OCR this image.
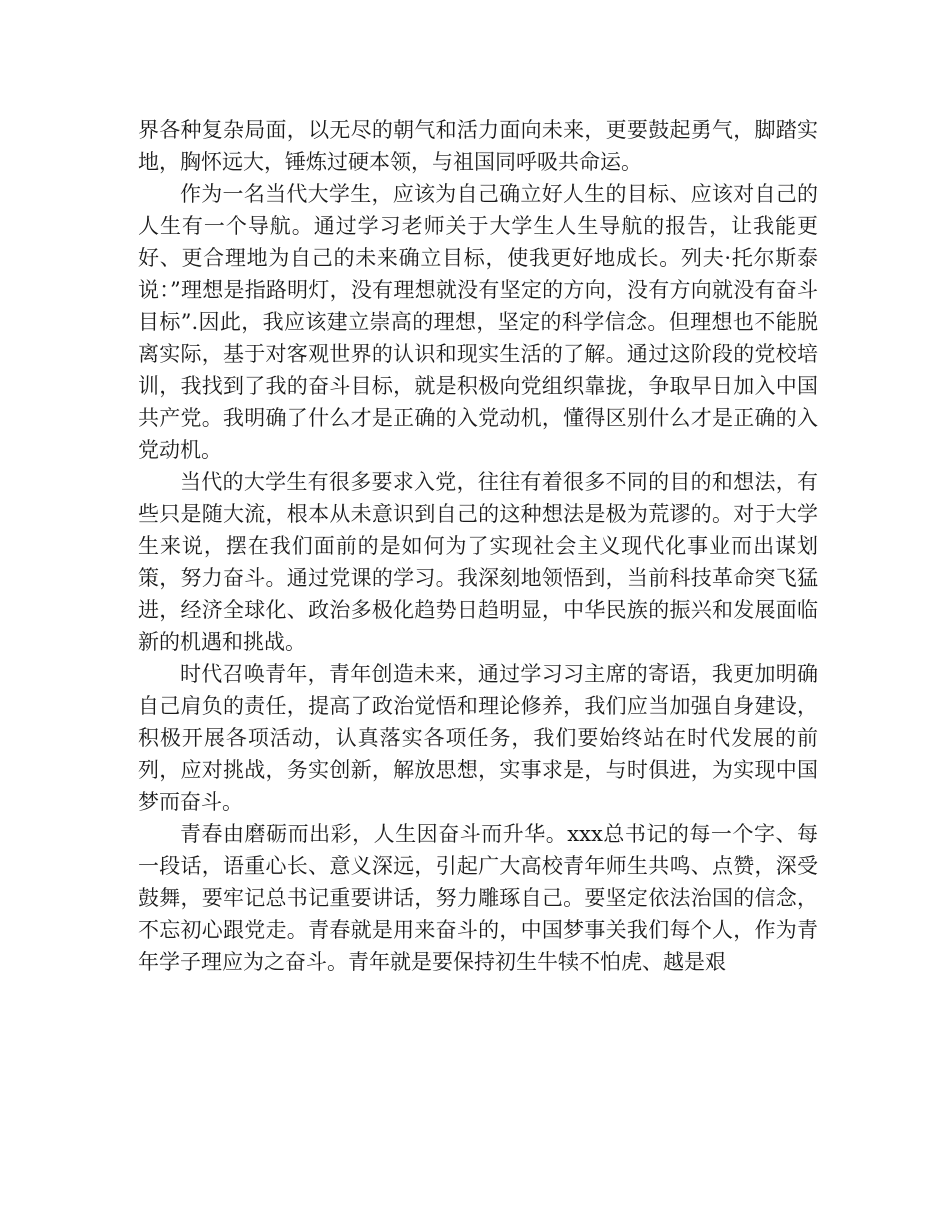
界各种复杂局面，以无尽的朝气和活力面向未来，更要鼓起勇气，脚踏实地，胸怀远大，锤炼过硬本领，与祖国同呼吸共命运。

作为一名当代大学生，应该为自己确立好人生的目标、应该对自己的人生有一个导航。通过学习老师关于大学生人生导航的报告，让我能更好、更合理地为自己的未来确立目标，使我更好地成长。列夫·托尔斯泰说：”理想是指路明灯，没有理想就没有坚定的方向，没有方向就没有奋斗目标”.因此，我应该建立崇高的理想，坚定的科学信念。但理想也不能脱离实际，基于对客观世界的认识和现实生活的了解。通过这阶段的党校培训，我找到了我的奋斗目标，就是积极向党组织靠拢，争取早日加入中国共产党。我明确了什么才是正确的入党动机，懂得区别什么才是正确的入党动机。

当代的大学生有很多要求入党，往往有着很多不同的目的和想法，有些只是随大流，根本从未意识到自己的这种想法是极为荒谬的。对于大学生来说，摆在我们面前的是如何为了实现社会主义现代化事业而出谋划策，努力奋斗。通过党课的学习。我深刻地领悟到，当前科技革命突飞猛进，经济全球化、政治多极化趋势日趋明显，中华民族的振兴和发展面临新的机遇和挑战。

时代召唤青年，青年创造未来，通过学习习主席的寄语，我更加明确自己肩负的责任，提高了政治觉悟和理论修养，我们应当加强自身建设，积极开展各项活动，认真落实各项任务，我们要始终站在时代发展的前列，应对挑战，务实创新，解放思想，实事求是，与时俱进，为实现中国梦而奋斗。

青春由磨砺而出彩，人生因奋斗而升华。xxx总书记的每一个字、每一段话，语重心长、意义深远，引起广大高校青年师生共鸣、点赞，深受鼓舞，要牢记总书记重要讲话，努力雕琢自己。要坚定依法治国的信念，不忘初心跟党走。青春就是用来奋斗的，中国梦事关我们每个人，作为青年学子理应为之奋斗。青年就是要保持初生牛犊不怕虎、越是艰
